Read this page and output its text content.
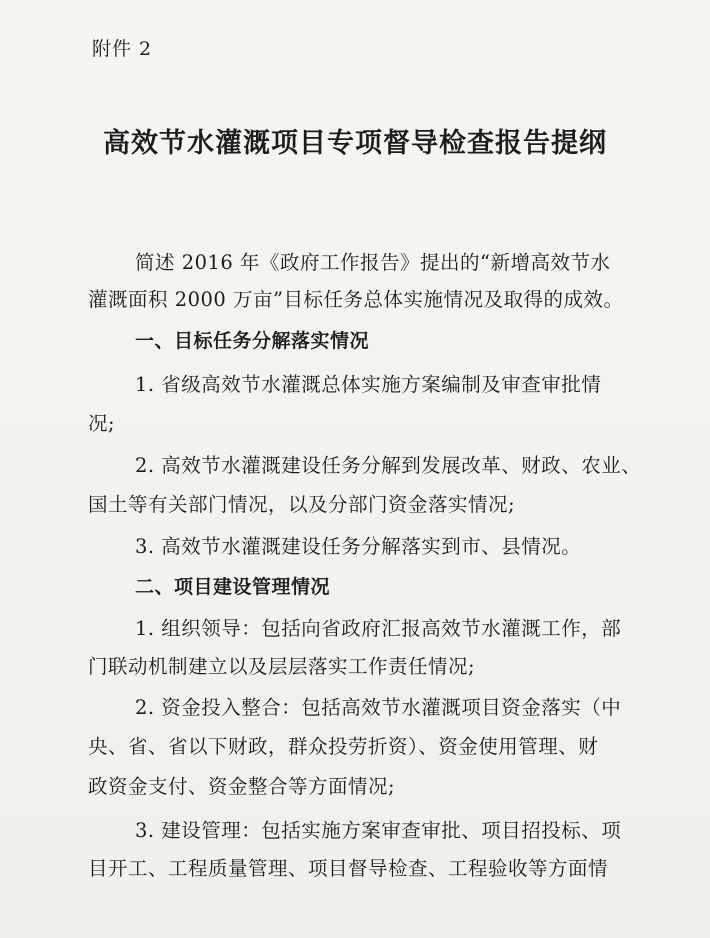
附件 2
高效节水灌溉项目专项督导检查报告提纲
简述 2016 年《政府工作报告》提出的“新增高效节水
灌溉面积 2000 万亩”目标任务总体实施情况及取得的成效。
一、目标任务分解落实情况
1. 省级高效节水灌溉总体实施方案编制及审查审批情
况;
2. 高效节水灌溉建设任务分解到发展改革、财政、农业、
国土等有关部门情况，以及分部门资金落实情况;
3. 高效节水灌溉建设任务分解落实到市、县情况。
二、项目建设管理情况
1. 组织领导：包括向省政府汇报高效节水灌溉工作，部
门联动机制建立以及层层落实工作责任情况;
2. 资金投入整合：包括高效节水灌溉项目资金落实（中
央、省、省以下财政，群众投劳折资）、资金使用管理、财
政资金支付、资金整合等方面情况;
3. 建设管理：包括实施方案审查审批、项目招投标、项
目开工、工程质量管理、项目督导检查、工程验收等方面情
